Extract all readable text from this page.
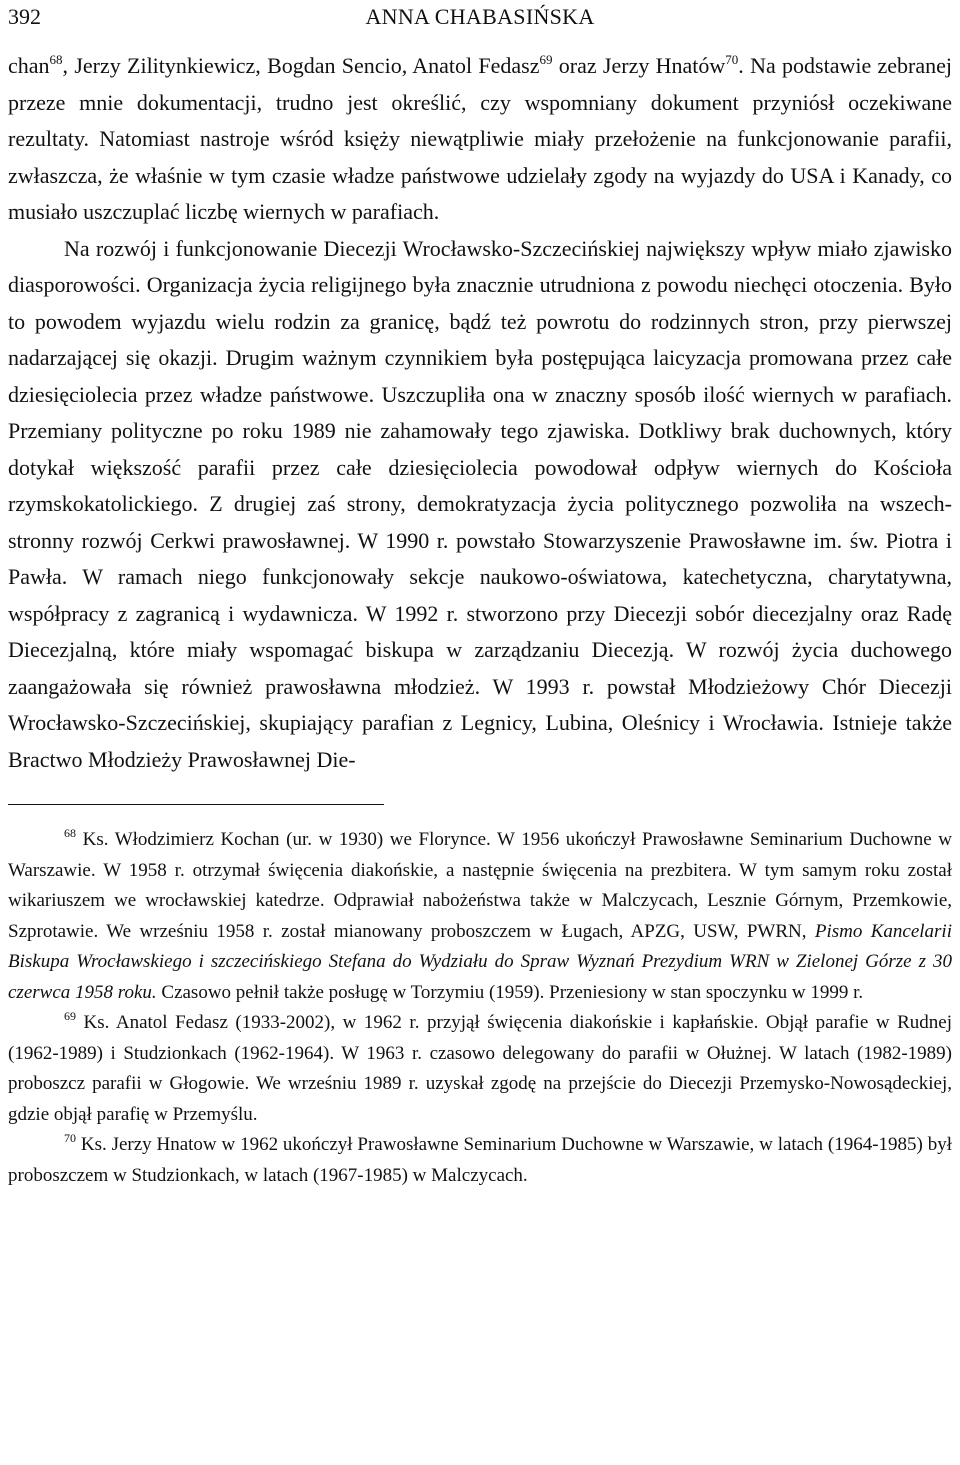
392	ANNA CHABASIŃSKA

chan$^{68}$, Jerzy Zilitynkiewicz, Bogdan Sencio, Anatol Fedasz$^{69}$ oraz Jerzy Hnatów$^{70}$. Na podstawie zebranej przeze mnie dokumentacji, trudno jest określić, czy wspomniany dokument przyniósł oczekiwane rezultaty. Natomiast nastroje wśród księży niewątpliwie miały przełożenie na funkcjonowanie parafii, zwłaszcza, że właśnie w tym czasie władze państwowe udzielały zgody na wyjazdy do USA i Kanady, co musiało uszczuplać liczbę wiernych w parafiach.

Na rozwój i funkcjonowanie Diecezji Wrocławsko-Szczecińskiej największy wpływ miało zjawisko diasporowości. Organizacja życia religijnego była znacznie utrudniona z powodu niechęci otoczenia. Było to powodem wyjazdu wielu rodzin za granicę, bądź też powrotu do rodzinnych stron, przy pierwszej nadarzającej się okazji. Drugim ważnym czynnikiem była postępująca laicyzacja promowana przez całe dziesięciolecia przez władze państwowe. Uszczupliła ona w znaczny sposób ilość wiernych w parafiach. Przemiany polityczne po roku 1989 nie zahamowały tego zjawiska. Dotkliwy brak duchownych, który dotykał większość parafii przez całe dziesięciolecia powodował odpływ wiernych do Kościoła rzymskokatolickiego. Z drugiej zaś strony, demokratyzacja życia politycznego pozwoliła na wszechstronny rozwój Cerkwi prawosławnej. W 1990 r. powstało Stowarzyszenie Prawosławne im. św. Piotra i Pawła. W ramach niego funkcjonowały sekcje naukowo-oświatowa, katechetyczna, charytatywna, współpracy z zagranicą i wydawnicza. W 1992 r. stworzono przy Diecezji sobór diecezjalny oraz Radę Diecezjalną, które miały wspomagać biskupa w zarządzaniu Diecezją. W rozwój życia duchowego zaangażowała się również prawosławna młodzież. W 1993 r. powstał Młodzieżowy Chór Diecezji Wrocławsko-Szczecińskiej, skupiający parafian z Legnicy, Lubina, Oleśnicy i Wrocławia. Istnieje także Bractwo Młodzieży Prawosławnej Die-

$^{68}$ Ks. Włodzimierz Kochan (ur. w 1930) we Florynce. W 1956 ukończył Prawosławne Seminarium Duchowne w Warszawie. W 1958 r. otrzymał święcenia diakońskie, a następnie święcenia na prezbitera. W tym samym roku został wikariuszem we wrocławskiej katedrze. Odprawiał nabożeństwa także w Malczycach, Lesznie Górnym, Przemkowie, Szprotawie. We wrześniu 1958 r. został mianowany proboszczem w Ługach, APZG, USW, PWRN, Pismo Kancelarii Biskupa Wrocławskiego i szczecińskiego Stefana do Wydziału do Spraw Wyznań Prezydium WRN w Zielonej Górze z 30 czerwca 1958 roku. Czasowo pełnił także posługę w Torzymiu (1959). Przeniesiony w stan spoczynku w 1999 r.

$^{69}$ Ks. Anatol Fedasz (1933-2002), w 1962 r. przyjął święcenia diakońskie i kapłańskie. Objął parafie w Rudnej (1962-1989) i Studzionkach (1962-1964). W 1963 r. czasowo delegowany do parafii w Ołużnej. W latach (1982-1989) proboszcz parafii w Głogowie. We wrześniu 1989 r. uzyskał zgodę na przejście do Diecezji Przemysko-Nowosądeckiej, gdzie objął parafię w Przemyślu.

$^{70}$ Ks. Jerzy Hnatow w 1962 ukończył Prawosławne Seminarium Duchowne w Warszawie, w latach (1964-1985) był proboszczem w Studzionkach, w latach (1967-1985) w Malczycach.
